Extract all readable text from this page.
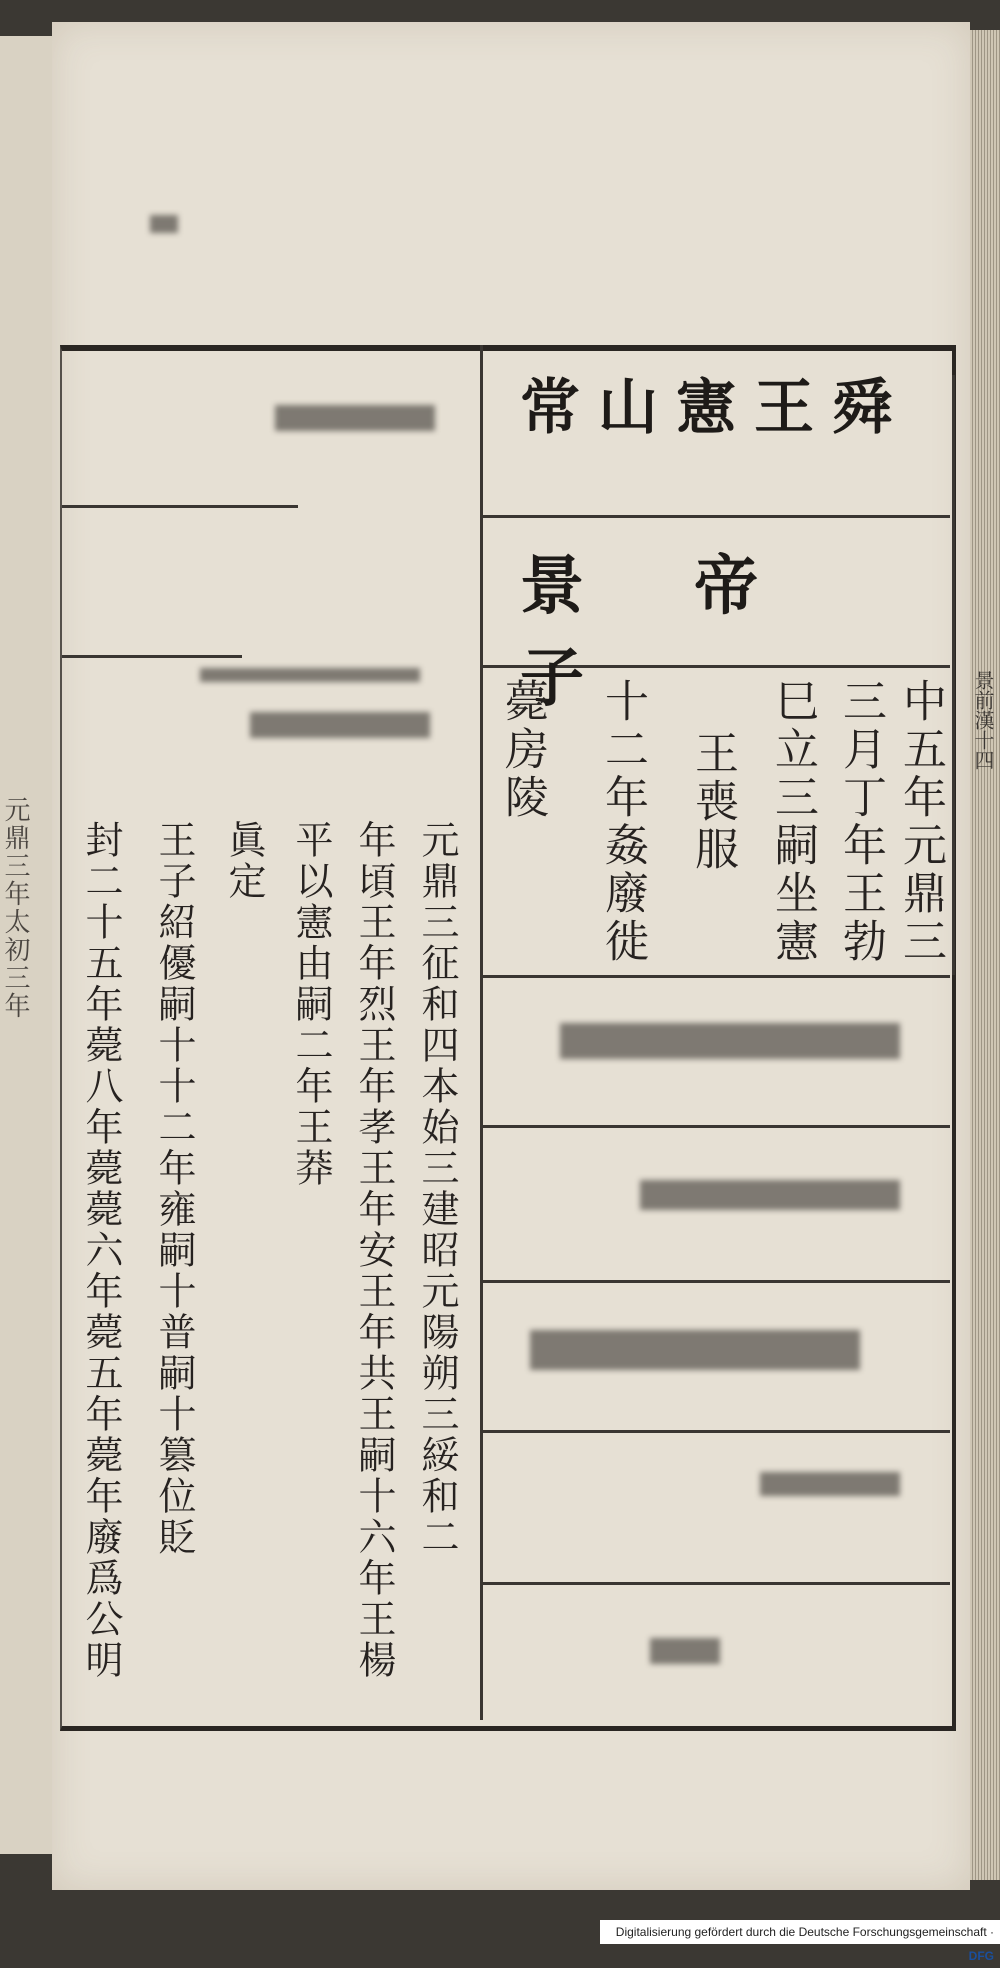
元鼎三年太初三年
景前漢十四
常山憲王舜
景帝子	中五年元鼎三
三月丁年王勃
巳立三嗣坐憲
王喪服
十二年姦廢徙
薨房陵
元鼎三征和四本始三建昭元陽朔三綏和二
年頃王年烈王年孝王年安王年共王嗣十六年王楊
平以憲由嗣二年王莽
眞定
王子紹優嗣十十二年雍嗣十普嗣十篡位貶
封二十五年薨八年薨薨六年薨五年薨年廢爲公明
Digitalisierung gefördert durch die Deutsche Forschungsgemeinschaft · DFG
